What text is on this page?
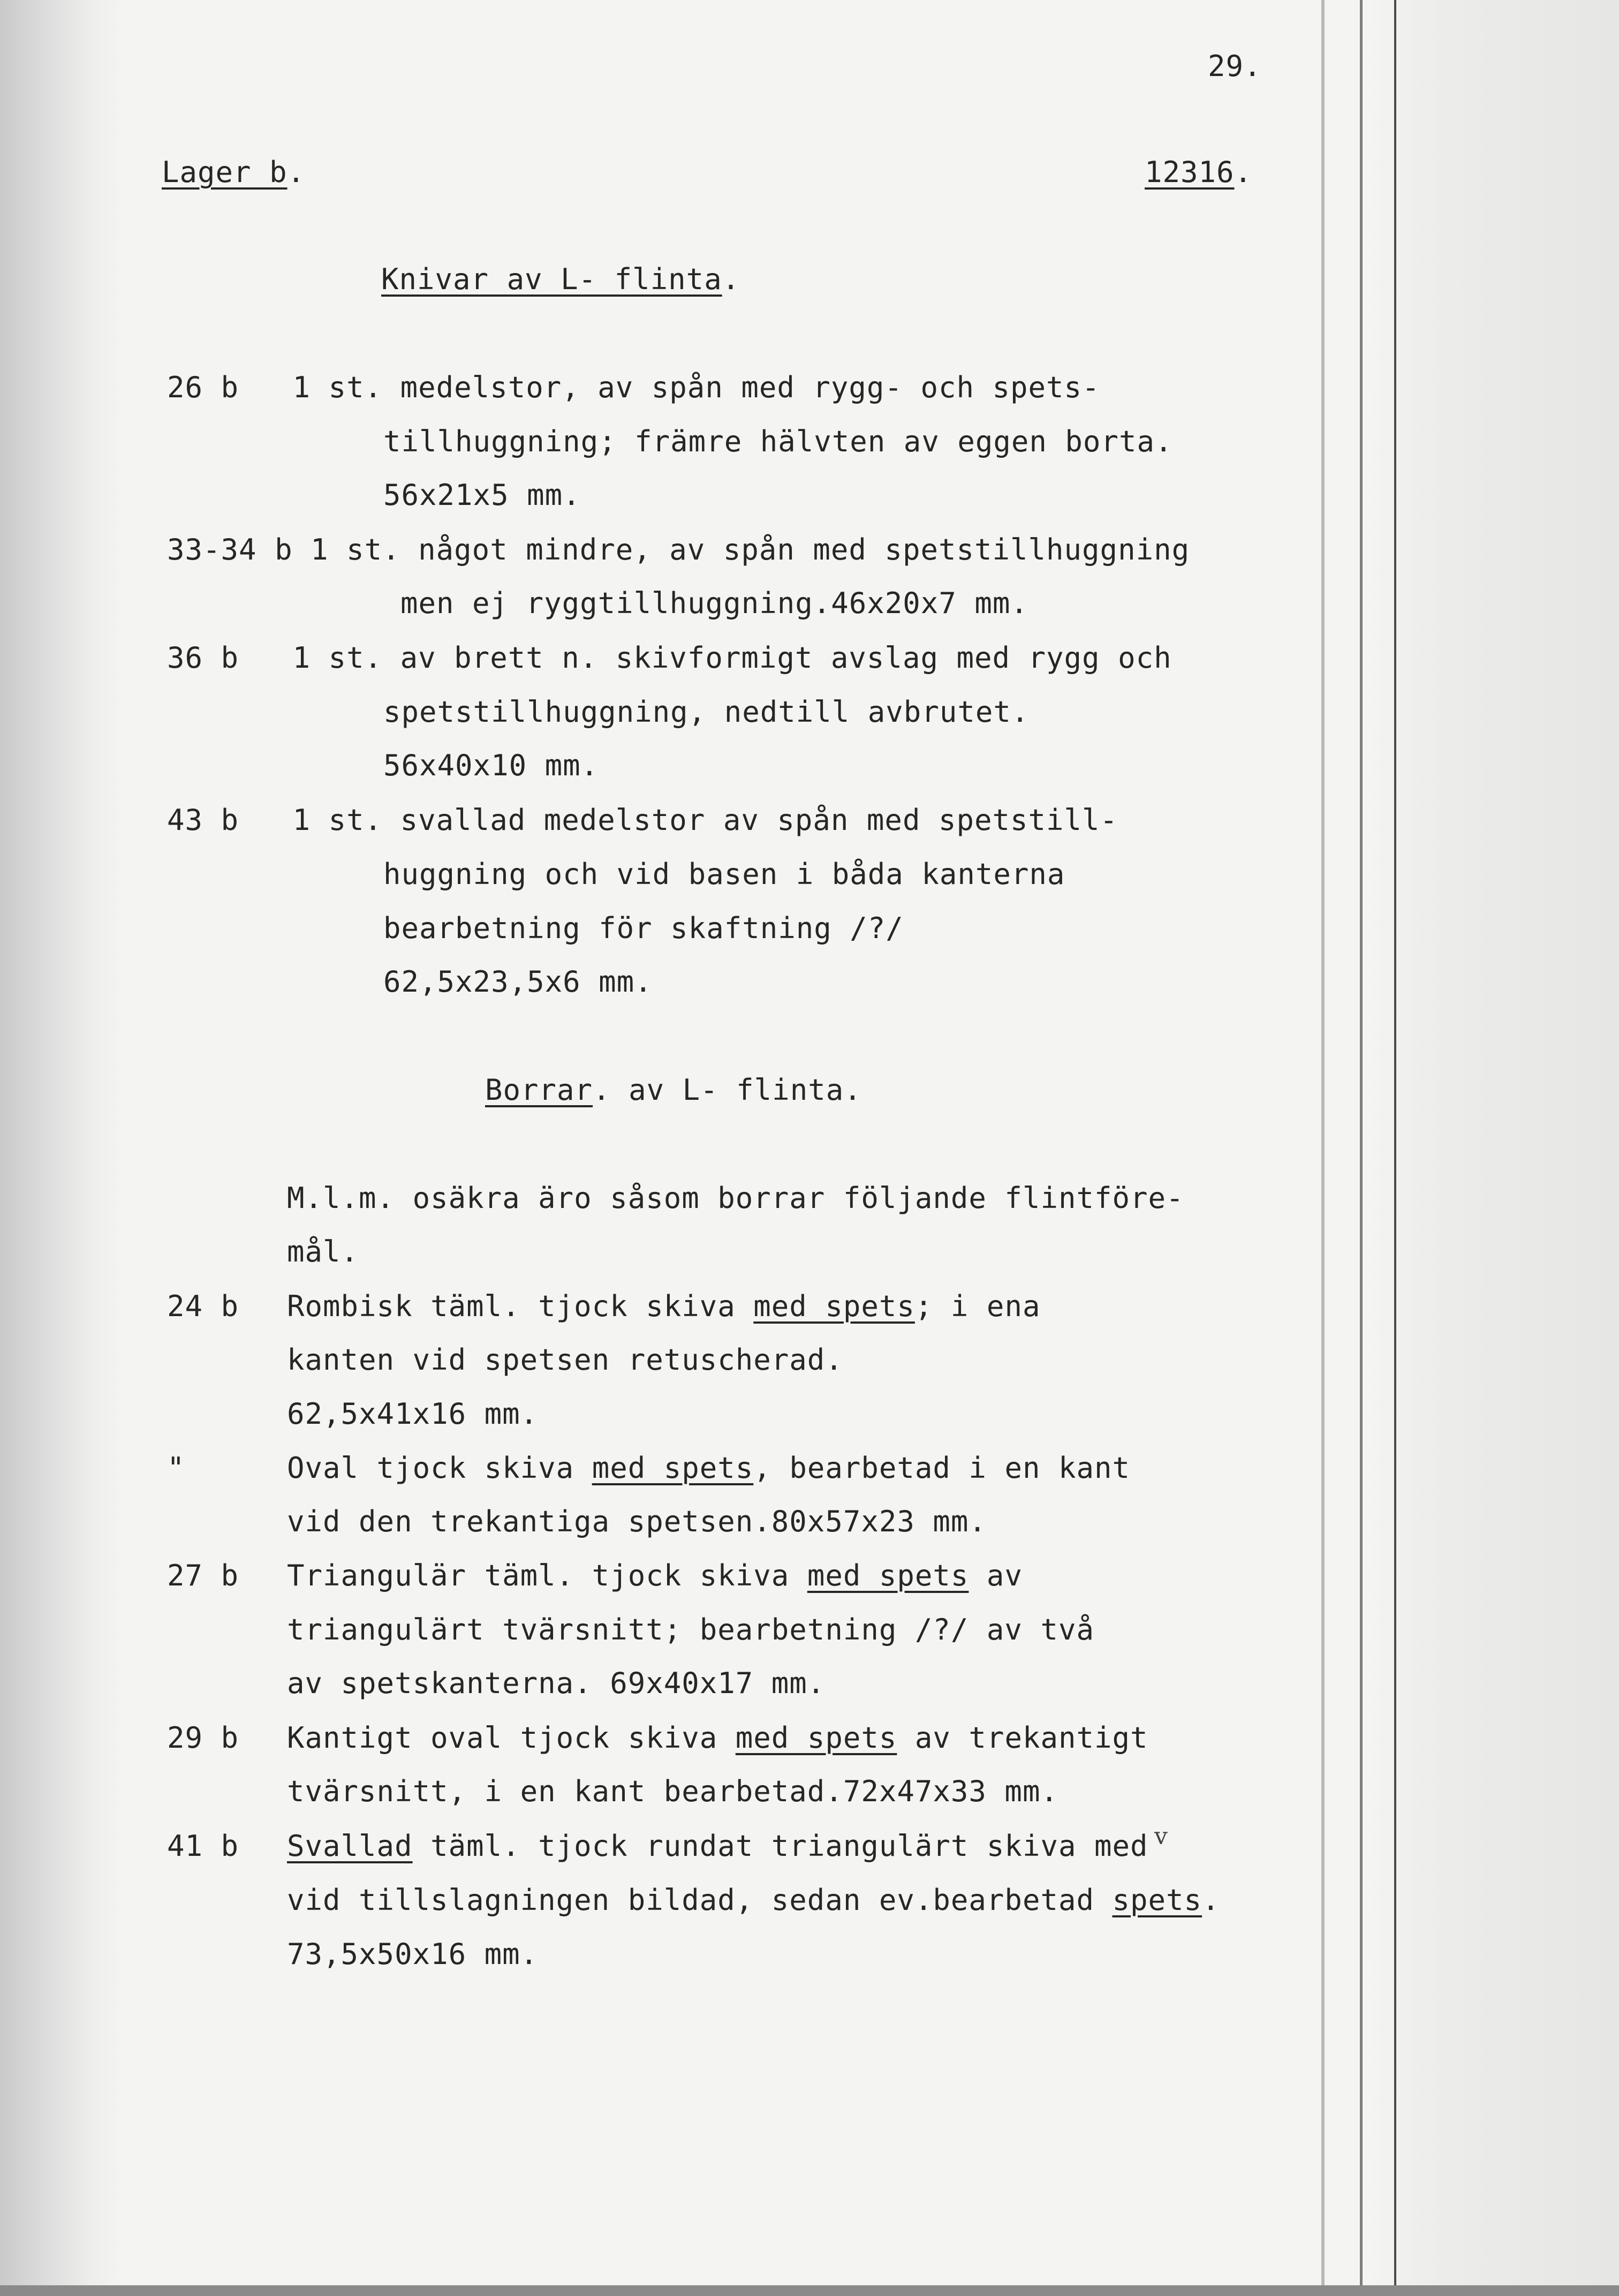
29.
Lager b.	12316.
Knivar av L- flinta.
26 b   1 st. medelstor, av spån med rygg- och spets-
tillhuggning; främre hälvten av eggen borta.
56x21x5 mm.
33-34 b 1 st. något mindre, av spån med spetstillhuggning
men ej ryggtillhuggning.46x20x7 mm.
36 b   1 st. av brett n. skivformigt avslag med rygg och
spetstillhuggning, nedtill avbrutet.
56x40x10 mm.
43 b   1 st. svallad medelstor av spån med spetstill-
huggning och vid basen i båda kanterna
bearbetning för skaftning /?/
62,5x23,5x6 mm.
Borrar. av L- flinta.
M.l.m. osäkra äro såsom borrar följande flintföre-
mål.
24 b Rombisk täml. tjock skiva med spets; i ena
kanten vid spetsen retuscherad.
62,5x41x16 mm.
"	Oval tjock skiva med spets, bearbetad i en kant
vid den trekantiga spetsen.80x57x23 mm.
27 b Triangulär täml. tjock skiva med spets av
triangulärt tvärsnitt; bearbetning /?/ av två
av spetskanterna. 69x40x17 mm.
29 b Kantigt oval tjock skiva med spets av trekantigt
tvärsnitt, i en kant bearbetad.72x47x33 mm.
41 b Svallad täml. tjock rundat triangulärt skiva med v
vid tillslagningen bildad, sedan ev.bearbetad spets.
73,5x50x16 mm.
